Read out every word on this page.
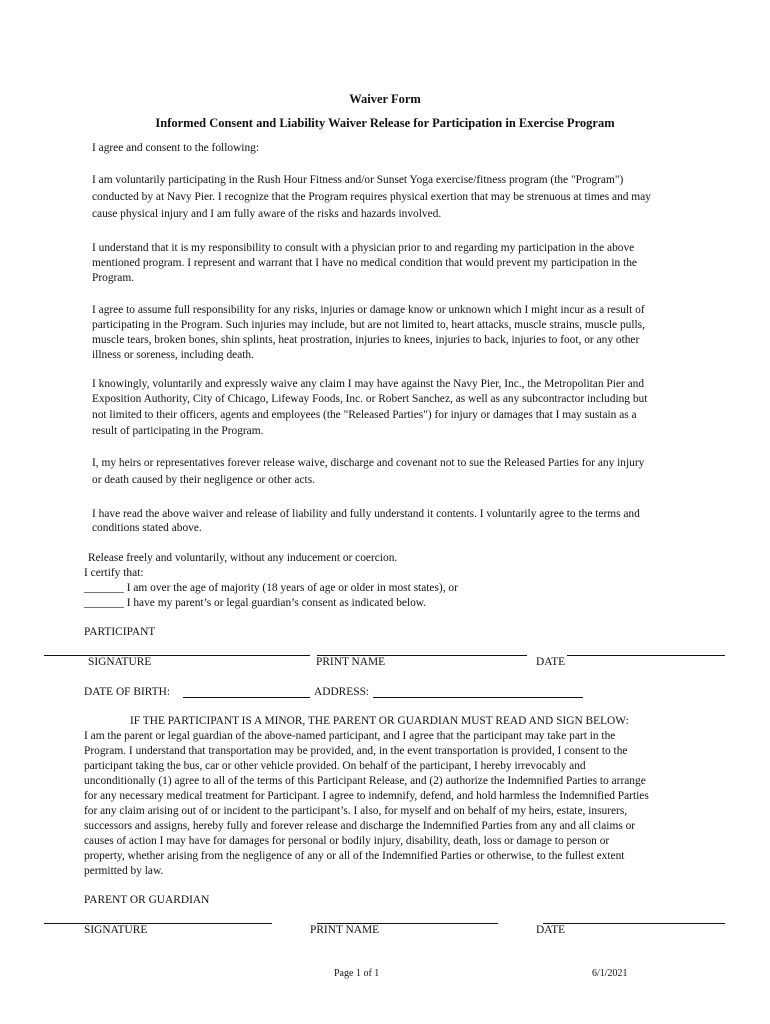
Waiver Form
Informed Consent and Liability Waiver Release for Participation in Exercise Program
I agree and consent to the following:
I am voluntarily participating in the Rush Hour Fitness and/or Sunset Yoga exercise/fitness program (the "Program")
conducted by at Navy Pier. I recognize that the Program requires physical exertion that may be strenuous at times and may
cause physical injury and I am fully aware of the risks and hazards involved.
I understand that it is my responsibility to consult with a physician prior to and regarding my participation in the above
mentioned program. I represent and warrant that I have no medical condition that would prevent my participation in the
Program.
I agree to assume full responsibility for any risks, injuries or damage know or unknown which I might incur as a result of
participating in the Program. Such injuries may include, but are not limited to, heart attacks, muscle strains, muscle pulls,
muscle tears, broken bones, shin splints, heat prostration, injuries to knees, injuries to back, injuries to foot, or any other
illness or soreness, including death.
I knowingly, voluntarily and expressly waive any claim I may have against the Navy Pier, Inc., the Metropolitan Pier and
Exposition Authority, City of Chicago, Lifeway Foods, Inc. or Robert Sanchez, as well as any subcontractor including but
not limited to their officers, agents and employees (the "Released Parties") for injury or damages that I may sustain as a
result of participating in the Program.
I, my heirs or representatives forever release waive, discharge and covenant not to sue the Released Parties for any injury
or death caused by their negligence or other acts.
I have read the above waiver and release of liability and fully understand it contents. I voluntarily agree to the terms and
conditions stated above.
Release freely and voluntarily, without any inducement or coercion.
I certify that:
_______ I am over the age of majority (18 years of age or older in most states), or
_______ I have my parent’s or legal guardian’s consent as indicated below.
PARTICIPANT
SIGNATURE	PRINT NAME	DATE
DATE OF BIRTH:	ADDRESS:
IF THE PARTICIPANT IS A MINOR, THE PARENT OR GUARDIAN MUST READ AND SIGN BELOW:
I am the parent or legal guardian of the above-named participant, and I agree that the participant may take part in the
Program. I understand that transportation may be provided, and, in the event transportation is provided, I consent to the
participant taking the bus, car or other vehicle provided. On behalf of the participant, I hereby irrevocably and
unconditionally (1) agree to all of the terms of this Participant Release, and (2) authorize the Indemnified Parties to arrange
for any necessary medical treatment for Participant. I agree to indemnify, defend, and hold harmless the Indemnified Parties
for any claim arising out of or incident to the participant’s. I also, for myself and on behalf of my heirs, estate, insurers,
successors and assigns, hereby fully and forever release and discharge the Indemnified Parties from any and all claims or
causes of action I may have for damages for personal or bodily injury, disability, death, loss or damage to person or
property, whether arising from the negligence of any or all of the Indemnified Parties or otherwise, to the fullest extent
permitted by law.
PARENT OR GUARDIAN
SIGNATURE	PRINT NAME	DATE
Page 1 of 1	6/1/2021
